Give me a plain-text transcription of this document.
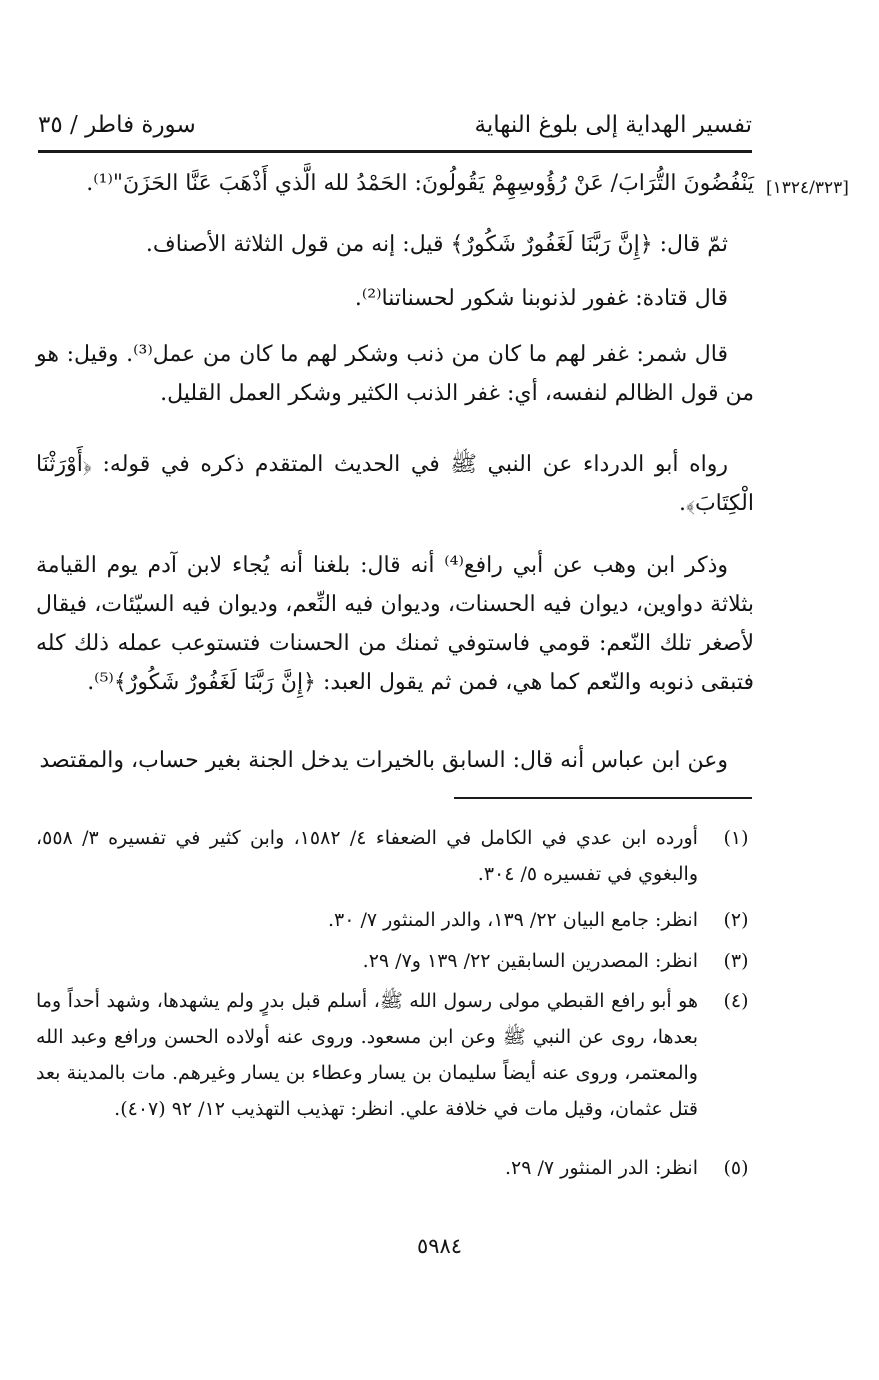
تفسير الهداية إلى بلوغ النهاية
سورة فاطر / ٣٥
[١٣٢٤/٣٢٣]
يَنْفُضُونَ التُّرَابَ/ عَنْ رُؤُوسِهِمْ يَقُولُونَ: الحَمْدُ لله الَّذي أَذْهَبَ عَنَّا الحَزَنَ"⁽¹⁾.
ثمّ قال: ﴿إِنَّ رَبَّنَا لَغَفُورٌ شَكُورٌ﴾ قيل: إنه من قول الثلاثة الأصناف.
قال قتادة: غفور لذنوبنا شكور لحسناتنا⁽²⁾.
قال شمر: غفر لهم ما كان من ذنب وشكر لهم ما كان من عمل⁽³⁾. وقيل: هو من قول الظالم لنفسه، أي: غفر الذنب الكثير وشكر العمل القليل.
رواه أبو الدرداء عن النبي ﷺ في الحديث المتقدم ذكره في قوله: ﴿أَوْرَثْنَا الْكِتَابَ﴾.
وذكر ابن وهب عن أبي رافع⁽⁴⁾ أنه قال: بلغنا أنه يُجاء لابن آدم يوم القيامة بثلاثة دواوين، ديوان فيه الحسنات، وديوان فيه النِّعم، وديوان فيه السيّئات، فيقال لأصغر تلك النّعم: قومي فاستوفي ثمنك من الحسنات فتستوعب عمله ذلك كله فتبقى ذنوبه والنّعم كما هي، فمن ثم يقول العبد: ﴿إِنَّ رَبَّنَا لَغَفُورٌ شَكُورٌ﴾⁽⁵⁾.
وعن ابن عباس أنه قال: السابق بالخيرات يدخل الجنة بغير حساب، والمقتصد
(١)
أورده ابن عدي في الكامل في الضعفاء ٤/ ١٥٨٢، وابن كثير في تفسيره ٣/ ٥٥٨، والبغوي في تفسيره ٥/ ٣٠٤.
(٢)
انظر: جامع البيان ٢٢/ ١٣٩، والدر المنثور ٧/ ٣٠.
(٣)
انظر: المصدرين السابقين ٢٢/ ١٣٩ و٧/ ٢٩.
(٤)
هو أبو رافع القبطي مولى رسول الله ﷺ، أسلم قبل بدرٍ ولم يشهدها، وشهد أحداً وما بعدها، روى عن النبي ﷺ وعن ابن مسعود. وروى عنه أولاده الحسن ورافع وعبد الله والمعتمر، وروى عنه أيضاً سليمان بن يسار وعطاء بن يسار وغيرهم. مات بالمدينة بعد قتل عثمان، وقيل مات في خلافة علي. انظر: تهذيب التهذيب ١٢/ ٩٢ (٤٠٧).
(٥)
انظر: الدر المنثور ٧/ ٢٩.
٥٩٨٤
